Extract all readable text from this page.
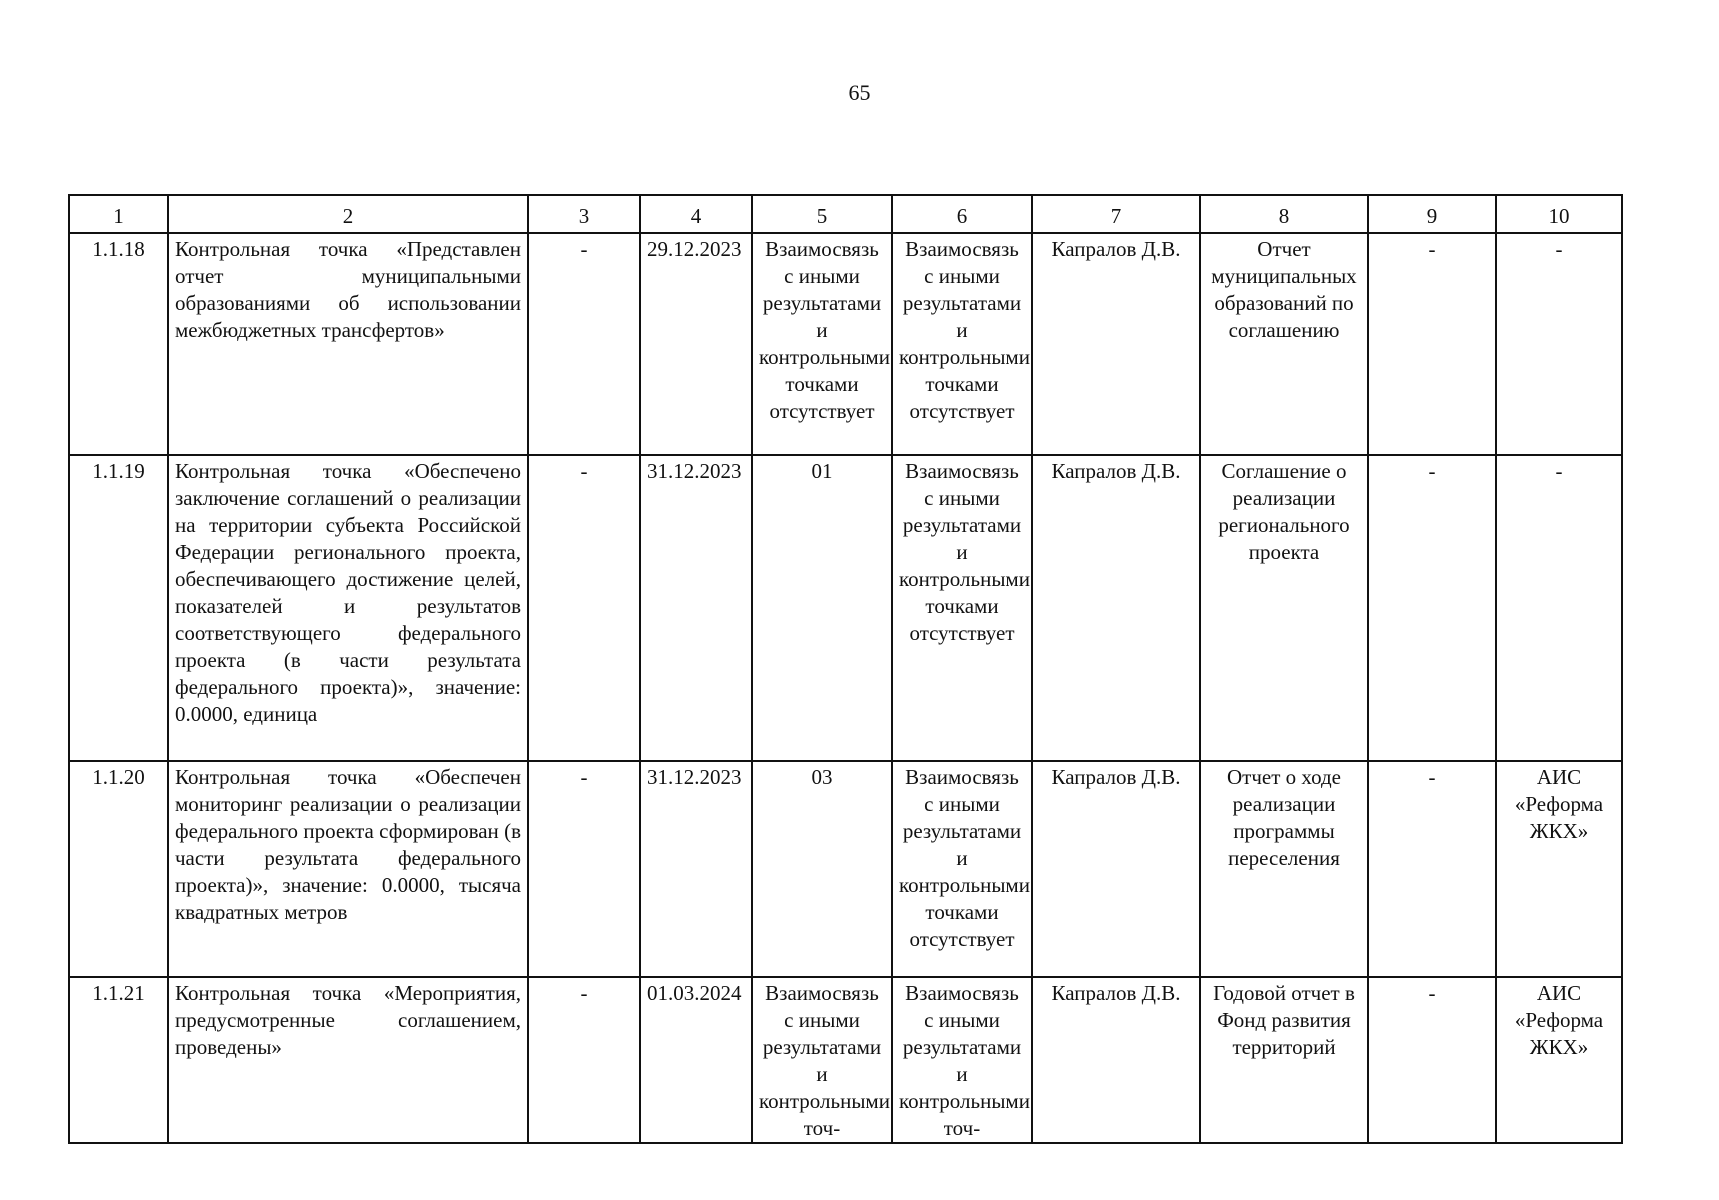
65
1	2	3	4	5	6	7	8	9	10
1.1.18	Контрольная точка «Представлен отчет муниципальными образованиями об использовании межбюджетных трансфертов»	-	29.12.2023	Взаимосвязь с иными результатами и контрольными точками отсутствует	Взаимосвязь с иными результатами и контрольными точками отсутствует	Капралов Д.В.	Отчет муниципальных образований по соглашению	-	-
1.1.19	Контрольная точка «Обеспечено заключение соглашений о реализации на территории субъекта Российской Федерации регионального проекта, обеспечивающего достижение целей, показателей и результатов соответствующего федерального проекта (в части результата федерального проекта)», значение: 0.0000, единица	-	31.12.2023	01	Взаимосвязь с иными результатами и контрольными точками отсутствует	Капралов Д.В.	Соглашение о реализации регионального проекта	-	-
1.1.20	Контрольная точка «Обеспечен мониторинг реализации о реализации федерального проекта сформирован (в части результата федерального проекта)», значение: 0.0000, тысяча квадратных метров	-	31.12.2023	03	Взаимосвязь с иными результатами и контрольными точками отсутствует	Капралов Д.В.	Отчет о ходе реализации программы переселения	-	АИС «Реформа ЖКХ»
1.1.21	Контрольная точка «Мероприятия, предусмотренные соглашением, проведены»	-	01.03.2024	Взаимосвязь с иными результатами и контрольными точ-	Взаимосвязь с иными результатами и контрольными точ-	Капралов Д.В.	Годовой отчет в Фонд развития территорий	-	АИС «Реформа ЖКХ»
